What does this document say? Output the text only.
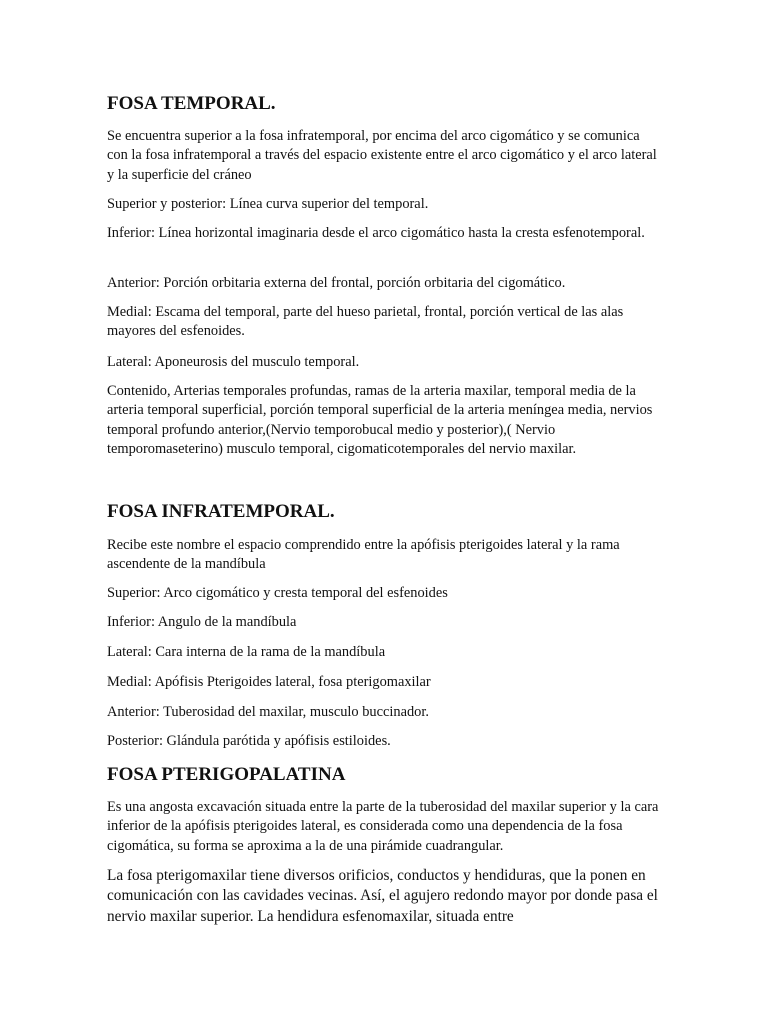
FOSA TEMPORAL.

Se encuentra superior a la fosa infratemporal, por encima del arco cigomático y se comunica con la fosa infratemporal a través del espacio existente entre el arco cigomático y el arco lateral y la superficie del cráneo

Superior y posterior: Línea curva superior del temporal.

Inferior: Línea horizontal imaginaria desde el arco cigomático hasta la cresta esfenotemporal.

Anterior: Porción orbitaria externa del frontal, porción orbitaria del cigomático.

Medial: Escama del temporal, parte del hueso parietal, frontal, porción vertical de las alas mayores del esfenoides.

Lateral: Aponeurosis del musculo temporal.

Contenido, Arterias temporales profundas, ramas de la arteria maxilar, temporal media de la arteria temporal superficial, porción temporal superficial de la arteria meníngea media, nervios temporal profundo anterior,(Nervio temporobucal medio y posterior),( Nervio temporomaseterino) musculo temporal, cigomaticotemporales del nervio maxilar.

FOSA INFRATEMPORAL.

Recibe este nombre el espacio comprendido entre la apófisis pterigoides lateral y la rama ascendente de la mandíbula

Superior: Arco cigomático y cresta temporal del esfenoides

Inferior: Angulo de la mandíbula

Lateral: Cara interna de la rama de la mandíbula

Medial: Apófisis Pterigoides lateral, fosa pterigomaxilar

Anterior: Tuberosidad del maxilar, musculo buccinador.

Posterior: Glándula parótida y apófisis estiloides.

FOSA PTERIGOPALATINA

Es una angosta excavación situada entre la parte de la tuberosidad del maxilar superior y la cara inferior de la apófisis pterigoides lateral, es considerada como una dependencia de la fosa cigomática, su forma se aproxima a la de una pirámide cuadrangular.

La fosa pterigomaxilar tiene diversos orificios, conductos y hendiduras, que la ponen en comunicación con las cavidades vecinas. Así, el agujero redondo mayor por donde pasa el nervio maxilar superior. La hendidura esfenomaxilar, situada entre
